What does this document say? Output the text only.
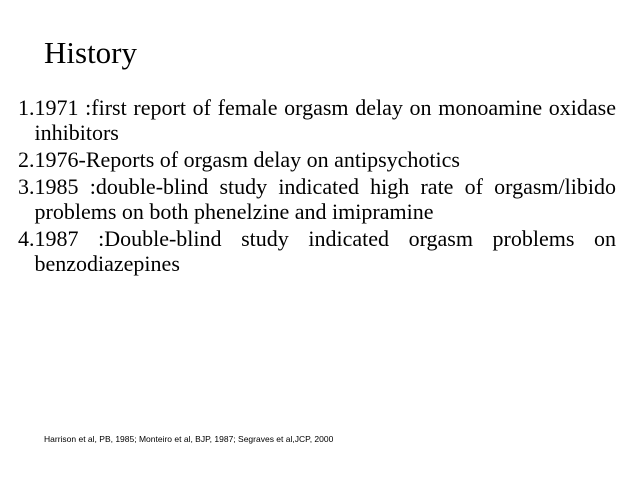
History
1. 1971 :first report of female orgasm delay on monoamine oxidase inhibitors
2. 1976-Reports of orgasm delay on antipsychotics
3. 1985 :double-blind study indicated high rate of orgasm/libido problems on both phenelzine and imipramine
4. 1987 :Double-blind study indicated orgasm problems on benzodiazepines
Harrison et al, PB, 1985; Monteiro et al, BJP, 1987; Segraves et al,JCP, 2000
